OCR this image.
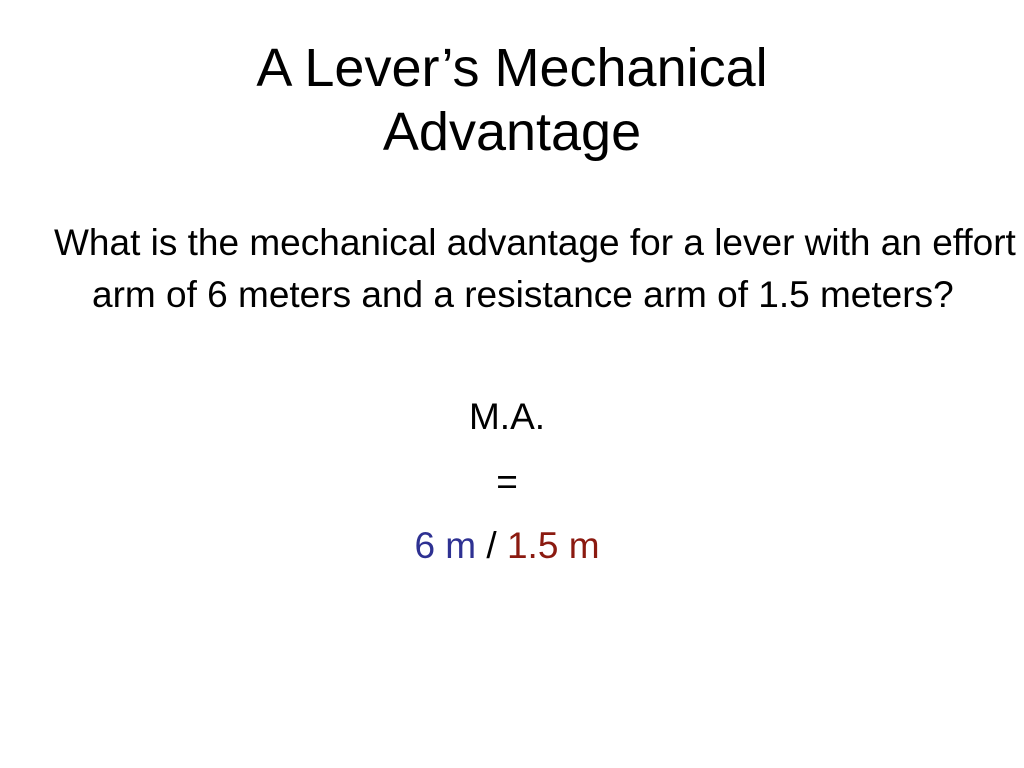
A Lever’s Mechanical
Advantage

What is the mechanical advantage for a lever with an effort arm of 6 meters and a resistance arm of 1.5 meters?

M.A.

=

6 m / 1.5 m
